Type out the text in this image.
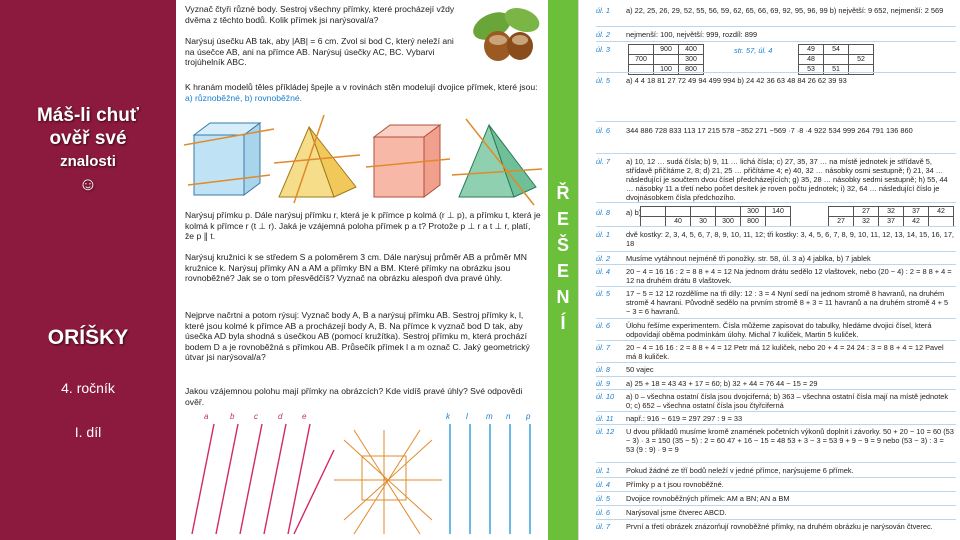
Máš-li chuť
ověř své
znalosti
☺
ORÍŠKY
4. ročník
I. díl

Vyznač čtyři různé body. Sestroj všechny přímky, které procházejí vždy dvěma z těchto bodů. Kolik přímek jsi narýsoval/a?

Narýsuj úsečku AB tak, aby |AB| = 6 cm. Zvol si bod C, který neleží ani na úsečce AB, ani na přímce AB. Narýsuj úsečky AC, BC. Vybarvi trojúhelník ABC.

K hranám modelů těles příkládej špejle a v rovinách stěn modelují dvojice přímek, které jsou: a) různoběžné, b) rovnoběžné.

Narýsuj přímku p. Dále narýsuj přímku r, která je k přímce p kolmá (r ⊥ p), a přímku t, která je kolmá k přímce r (t ⊥ r). Jaká je vzájemná poloha přímek p a t? Protože p ⊥ r a t ⊥ r, platí, že p ∥ t.

Narýsuj kružnici k se středem S a poloměrem 3 cm. Dále narýsuj průměr AB a průměr MN kružnice k. Narýsuj přímky AN a AM a přímky BN a BM. Které přímky na obrázku jsou rovnoběžné? Jak se o tom přesvědčíš? Vyznač na obrázku alespoň dva pravé úhly.

Nejprve načrtni a potom rýsuj: Vyznač body A, B a narýsuj přímku AB. Sestroj přímky k, l, které jsou kolmé k přímce AB a procházejí body A, B. Na přímce k vyznač bod D tak, aby úsečka AD byla shodná s úsečkou AB (pomocí kružítka). Sestroj přímku m, která prochází bodem D a je rovnoběžná s přímkou AB. Průsečík přímek l a m označ C. Jaký geometrický útvar jsi narýsoval/a?

Jakou vzájemnou polohu mají přímky na obrázcích? Kde vidíš pravé úhly? Své odpovědi ověř.

a	b c	d e	k l m n p
Ř
E
Š
E
N
Í
úl. 1 a) 22, 25, 26, 29, 52, 55, 56, 59, 62, 65, 66, 69, 92, 95, 96, 99 b) největší: 9 652, nejmenší: 2 569
úl. 2 nejmenší: 100, největší: 999, rozdíl: 899
úl. 3
		900	400
700		300
	100	800
str. 57, úl. 4	49	54	
48		52
53	51	
úl. 5 a) 4 4 18 81 27 72 49 94 499 994 b) 24 42 36 63 48 84 26 62 39 93
úl. 6 344 886 728 833 113 17 215 578 −352 271 −569 ·7 ·8 ·4 922 534 999 264 791 136 860
úl. 7 a) 10, 12 … sudá čísla; b) 9, 11 … lichá čísla; c) 27, 35, 37 … na místě jednotek je střídavě 5, střídavě přičítáme 2, 8; d) 21, 25 … přičítáme 4; e) 40, 32 … násobky osmi sestupně; f) 21, 34 … následující je součtem dvou čísel předcházejících; g) 35, 28 … násobky sedmi sestupně; h) 55, 44 … násobky 11 a třetí nebo počet desítek je roven počtu jednotek; i) 32, 64 … následující číslo je dvojnásobkem čísla předchozího.
úl. 8 a) b)
					300	140
	40	30	300	800	
	27	32	37	42
27	32	37	42	
úl. 1 dvě kostky: 2, 3, 4, 5, 6, 7, 8, 9, 10, 11, 12; tři kostky: 3, 4, 5, 6, 7, 8, 9, 10, 11, 12, 13, 14, 15, 16, 17, 18
úl. 2 Musíme vytáhnout nejméně tři ponožky. str. 58, úl. 3 a) 4 jablka, b) 7 jablek
úl. 4 20 − 4 = 16 16 : 2 = 8 8 + 4 = 12 Na jednom drátu sedělo 12 vlaštovek, nebo (20 − 4) : 2 = 8 8 + 4 = 12 na druhém drátu 8 vlaštovek.
úl. 5 17 − 5 = 12 12 rozdělíme na tři díly: 12 : 3 = 4 Nyní sedí na jednom stromě 8 havranů, na druhém stromě 4 havrani. Původně sedělo na prvním stromě 8 + 3 = 11 havranů a na druhém stromě 4 + 5 − 3 = 6 havranů.
úl. 6 Úlohu řešíme experimentem. Čísla můžeme zapisovat do tabulky, hledáme dvojici čísel, která odpovídají oběma podmínkám úlohy. Michal 7 kuliček, Martin 5 kuliček.
úl. 7 20 − 4 = 16 16 : 2 = 8 8 + 4 = 12 Petr má 12 kuliček, nebo 20 + 4 = 24 24 : 3 = 8 8 + 4 = 12 Pavel má 8 kuliček.
úl. 8 50 vajec
úl. 9 a) 25 + 18 = 43 43 + 17 = 60; b) 32 + 44 = 76 44 − 15 = 29
úl. 10 a) 0 – všechna ostatní čísla jsou dvojciferná; b) 363 – všechna ostatní čísla mají na místě jednotek 0; c) 652 – všechna ostatní čísla jsou čtyřciferná
úl. 11 např.: 916 − 619 = 297 297 : 9 = 33
úl. 12 U dvou příkladů musíme kromě znamének početních výkonů doplnit i závorky. 50 + 20 − 10 = 60 (53 − 3) · 3 = 150 (35 − 5) : 2 = 60 47 + 16 − 15 = 48 53 + 3 − 3 = 53 9 + 9 − 9 = 9 nebo (53 − 3) : 3 = 53 (9 : 9) · 9 = 9
úl. 1 Pokud žádné ze tří bodů neleží v jedné přímce, narýsujeme 6 přímek.
úl. 4 Přímky p a t jsou rovnoběžné.
úl. 5 Dvojice rovnoběžných přímek: AM a BN; AN a BM
úl. 6 Narýsoval jsme čtverec ABCD.
úl. 7 První a třetí obrázek znázorňují rovnoběžné přímky, na druhém obrázku je narýsován čtverec.
